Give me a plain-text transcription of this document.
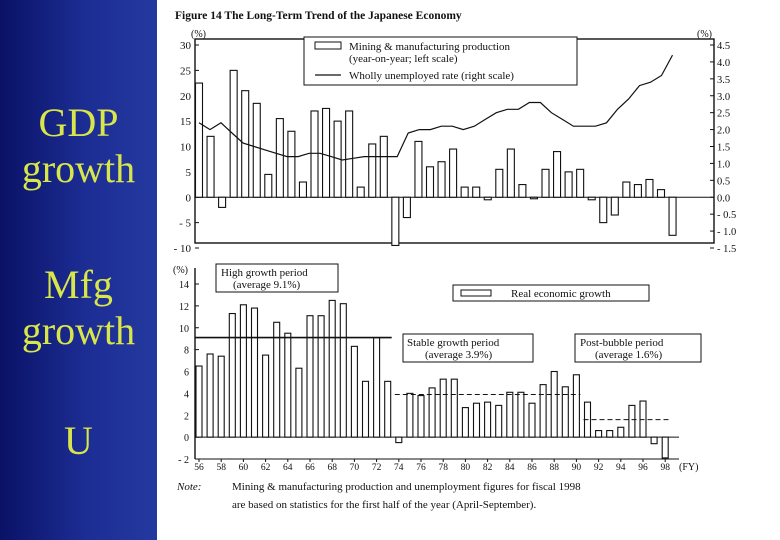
GDP growth
Mfg growth
U
Figure 14 The Long-Term Trend of the Japanese Economy
(%)	(%)
30
25
20
15
10
5
0
- 5
- 10
4.5
4.0
3.5
3.0
2.5
2.0
1.5
1.0
0.5
0.0
- 0.5
- 1.0
- 1.5
Mining & manufacturing production
(year-on-year; left scale)
Wholly unemployed rate (right scale)
(%)
14
12
10
8
6
4
2
0
- 2
56 58 60 62 64 66 68 70 72 74 76 78 80 82 84 86 88 90 92 94 96 98 (FY)
High growth period
(average 9.1%)
Real economic growth
Stable growth period
(average 3.9%)
Post-bubble period
(average 1.6%)
Note:	Mining & manufacturing production and unemployment figures for fiscal 1998
are based on statistics for the first half of the year (April-September).
